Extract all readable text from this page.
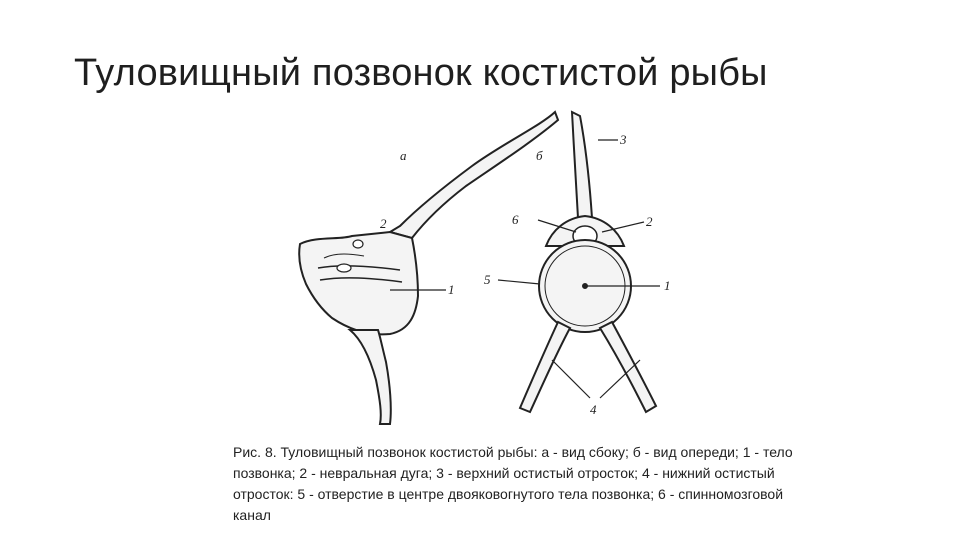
Туловищный позвонок костистой рыбы
а
2
1
б
3
6	2
5	1
4
Рис. 8. Туловищный позвонок костистой рыбы: а - вид сбоку; б - вид опереди; 1 - тело позвонка; 2 - невральная дуга; 3 - верхний остистый отросток; 4 - нижний остистый отросток: 5 - отверстие в центре двояковогнутого тела позвонка; 6 - спинномозговой канал
